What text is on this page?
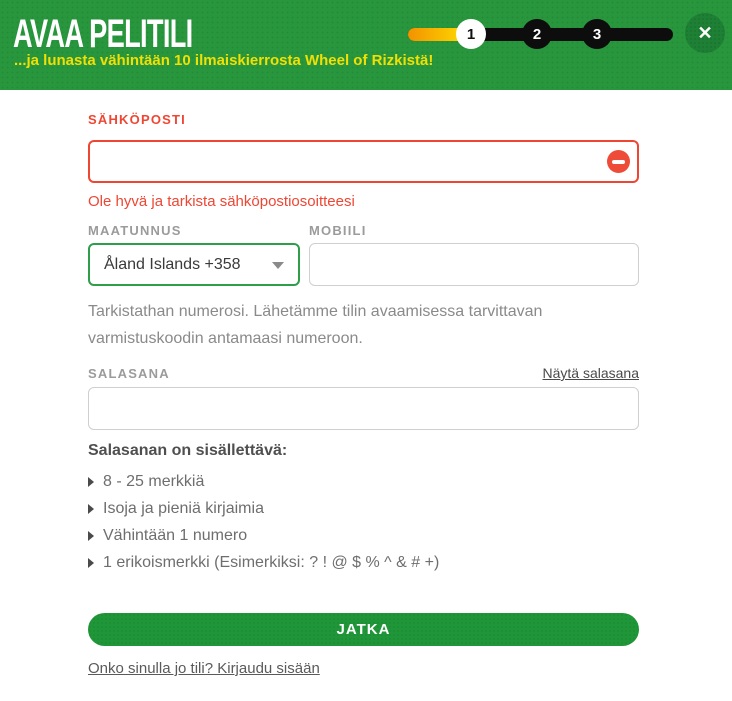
AVAA PELITILI
...ja lunasta vähintään 10 ilmaiskierrosta Wheel of Rizkistä!
1	2	3	✕
SÄHKÖPOSTI
Ole hyvä ja tarkista sähköpostiosoitteesi
MAATUNNUS	MOBIILI
Åland Islands +358
Tarkistathan numerosi. Lähetämme tilin avaamisessa tarvittavan varmistuskoodin antamaasi numeroon.
SALASANA	Näytä salasana
Salasanan on sisällettävä:
8 - 25 merkkiä
Isoja ja pieniä kirjaimia
Vähintään 1 numero
1 erikoismerkki (Esimerkiksi: ? ! @ $ % ^ & # +)
JATKA Onko sinulla jo tili? Kirjaudu sisään
